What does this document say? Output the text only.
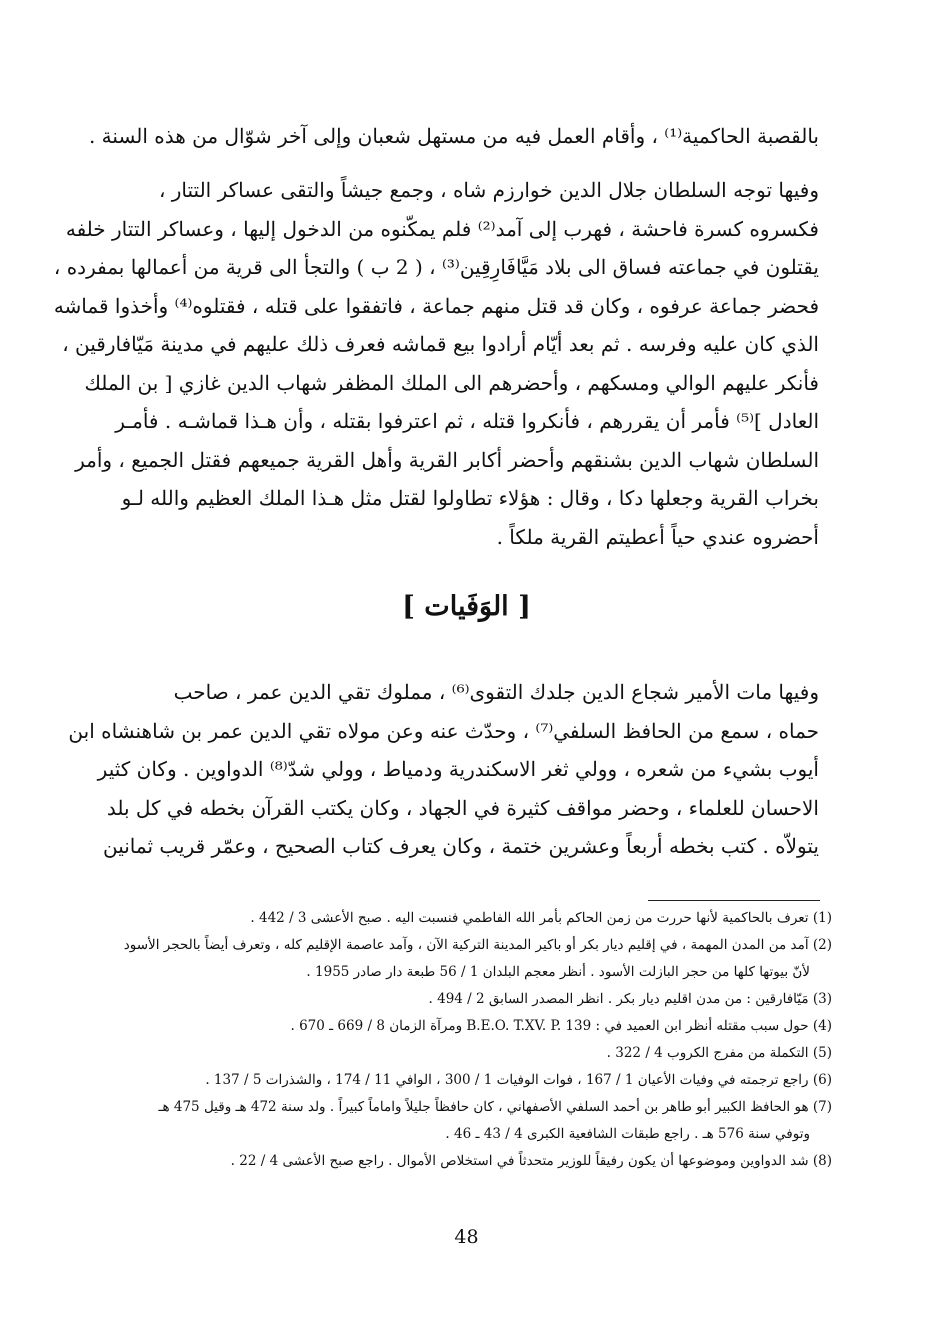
بالقصبة الحاكمية⁽¹⁾ ، وأقام العمل فيه من مستهل شعبان وإلى آخر شوّال من هذه السنة .
وفيها توجه السلطان جلال الدين خوارزم شاه ، وجمع جيشاً والتقى عساكر التتار ،
فكسروه كسرة فاحشة ، فهرب إلى آمد⁽²⁾ فلم يمكّنوه من الدخول إليها ، وعساكر التتار خلفه
يقتلون في جماعته فساق الى بلاد مَيَّافَارِقِين⁽³⁾ ، ( 2 ب ) والتجأ الى قرية من أعمالها بمفرده ،
فحضر جماعة عرفوه ، وكان قد قتل منهم جماعة ، فاتفقوا على قتله ، فقتلوه⁽⁴⁾ وأخذوا قماشه
الذي كان عليه وفرسه . ثم بعد أيّام أرادوا بيع قماشه فعرف ذلك عليهم في مدينة مَيّافارقين ،
فأنكر عليهم الوالي ومسكهم ، وأحضرهم الى الملك المظفر شهاب الدين غازي [ بن الملك
العادل ]⁽⁵⁾ فأمر أن يقررهم ، فأنكروا قتله ، ثم اعترفوا بقتله ، وأن هـذا قماشـه . فأمـر
السلطان شهاب الدين بشنقهم وأحضر أكابر القرية وأهل القرية جميعهم فقتل الجميع ، وأمر
بخراب القرية وجعلها دكا ، وقال : هؤلاء تطاولوا لقتل مثل هـذا الملك العظيم والله لـو
أحضروه عندي حياً أعطيتم القرية ملكاً .
[ الوَفَيات ]
وفيها مات الأمير شجاع الدين جلدك التقوى⁽⁶⁾ ، مملوك تقي الدين عمر ، صاحب
حماه ، سمع من الحافظ السلفي⁽⁷⁾ ، وحدّث عنه وعن مولاه تقي الدين عمر بن شاهنشاه ابن
أيوب بشيء من شعره ، وولي ثغر الاسكندرية ودمياط ، وولي شدّ⁽⁸⁾ الدواوين . وكان كثير
الاحسان للعلماء ، وحضر مواقف كثيرة في الجهاد ، وكان يكتب القرآن بخطه في كل بلد
يتولاّه . كتب بخطه أربعاً وعشرين ختمة ، وكان يعرف كتاب الصحيح ، وعمّر قريب ثمانين
(1) تعرف بالحاكمية لأنها حررت من زمن الحاكم بأمر الله الفاطمي فنسبت اليه . صبح الأعشى 3 / 442 .
(2) آمد من المدن المهمة ، في إقليم ديار بكر أو باكير المدينة التركية الآن ، وآمد عاصمة الإقليم كله ، وتعرف أيضاً بالحجر الأسود
لأنّ بيوتها كلها من حجر البازلت الأسود . أنظر معجم البلدان 1 / 56 طبعة دار صادر 1955 .
(3) مَيّافارقين : من مدن اقليم ديار بكر . انظر المصدر السابق 2 / 494 .
(4) حول سبب مقتله أنظر ابن العميد في : B.E.O. T.XV. P. 139 ومرآة الزمان 8 / 669 ـ 670 .
(5) التكملة من مفرج الكروب 4 / 322 .
(6) راجع ترجمته في وفيات الأعيان 1 / 167 ، فوات الوفيات 1 / 300 ، الوافي 11 / 174 ، والشذرات 5 / 137 .
(7) هو الحافظ الكبير أبو طاهر بن أحمد السلفي الأصفهاني ، كان حافظاً جليلاً واماماً كبيراً . ولد سنة 472 هـ وقيل 475 هـ
وتوفي سنة 576 هـ . راجع طبقات الشافعية الكبرى 4 / 43 ـ 46 .
(8) شد الدواوين وموضوعها أن يكون رفيقاً للوزير متحدثاً في استخلاص الأموال . راجع صبح الأعشى 4 / 22 .
48
